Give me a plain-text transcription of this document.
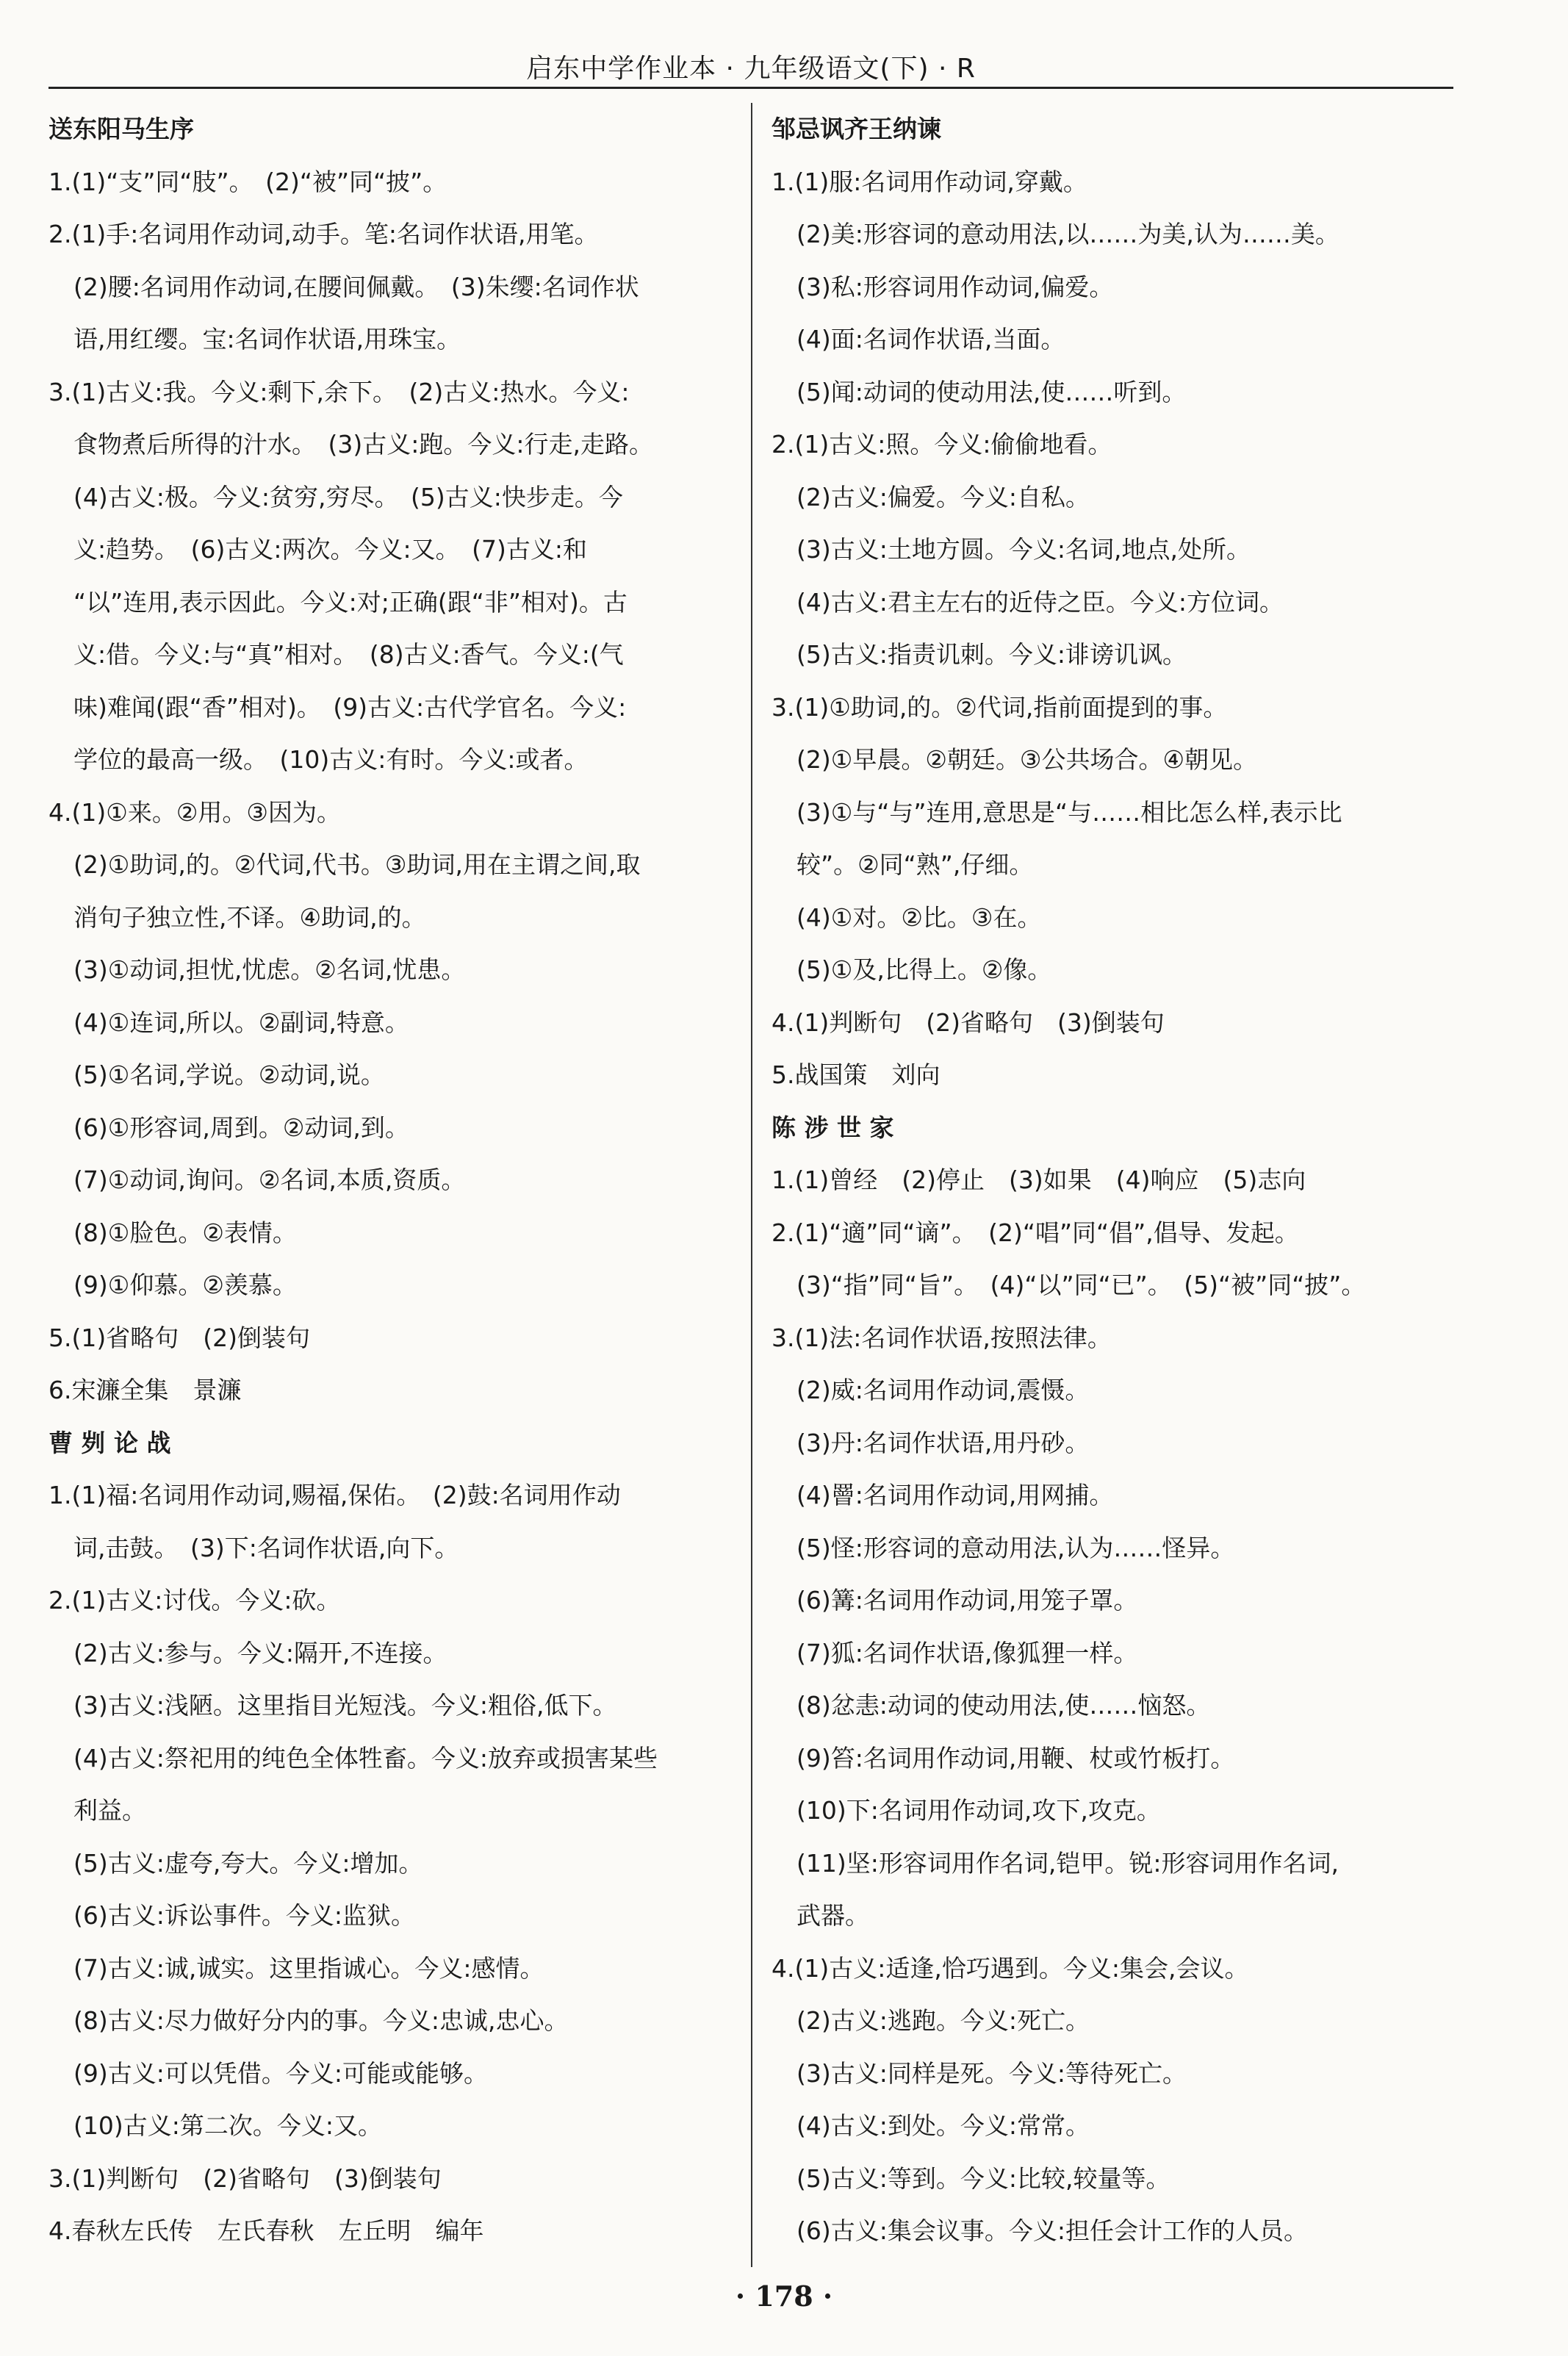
启东中学作业本 · 九年级语文(下) · R

送东阳马生序

1.(1)“支”同“肢”。　(2)“被”同“披”。

2.(1)手:名词用作动词,动手。笔:名词作状语,用笔。

(2)腰:名词用作动词,在腰间佩戴。　(3)朱缨:名词作状

语,用红缨。宝:名词作状语,用珠宝。

3.(1)古义:我。今义:剩下,余下。　(2)古义:热水。今义:

食物煮后所得的汁水。　(3)古义:跑。今义:行走,走路。

(4)古义:极。今义:贫穷,穷尽。　(5)古义:快步走。今

义:趋势。　(6)古义:两次。今义:又。　(7)古义:和

“以”连用,表示因此。今义:对;正确(跟“非”相对)。古

义:借。今义:与“真”相对。　(8)古义:香气。今义:(气

味)难闻(跟“香”相对)。　(9)古义:古代学官名。今义:

学位的最高一级。　(10)古义:有时。今义:或者。

4.(1)①来。②用。③因为。

(2)①助词,的。②代词,代书。③助词,用在主谓之间,取

消句子独立性,不译。④助词,的。

(3)①动词,担忧,忧虑。②名词,忧患。

(4)①连词,所以。②副词,特意。

(5)①名词,学说。②动词,说。

(6)①形容词,周到。②动词,到。

(7)①动词,询问。②名词,本质,资质。

(8)①脸色。②表情。

(9)①仰慕。②羡慕。

5.(1)省略句　(2)倒装句

6.宋濂全集　景濂

曹 刿 论 战

1.(1)福:名词用作动词,赐福,保佑。　(2)鼓:名词用作动

词,击鼓。　(3)下:名词作状语,向下。

2.(1)古义:讨伐。今义:砍。

(2)古义:参与。今义:隔开,不连接。

(3)古义:浅陋。这里指目光短浅。今义:粗俗,低下。

(4)古义:祭祀用的纯色全体牲畜。今义:放弃或损害某些

利益。

(5)古义:虚夸,夸大。今义:增加。

(6)古义:诉讼事件。今义:监狱。

(7)古义:诚,诚实。这里指诚心。今义:感情。

(8)古义:尽力做好分内的事。今义:忠诚,忠心。

(9)古义:可以凭借。今义:可能或能够。

(10)古义:第二次。今义:又。

3.(1)判断句　(2)省略句　(3)倒装句

4.春秋左氏传　左氏春秋　左丘明　编年

邹忌讽齐王纳谏

1.(1)服:名词用作动词,穿戴。

(2)美:形容词的意动用法,以……为美,认为……美。

(3)私:形容词用作动词,偏爱。

(4)面:名词作状语,当面。

(5)闻:动词的使动用法,使……听到。

2.(1)古义:照。今义:偷偷地看。

(2)古义:偏爱。今义:自私。

(3)古义:土地方圆。今义:名词,地点,处所。

(4)古义:君主左右的近侍之臣。今义:方位词。

(5)古义:指责讥刺。今义:诽谤讥讽。

3.(1)①助词,的。②代词,指前面提到的事。

(2)①早晨。②朝廷。③公共场合。④朝见。

(3)①与“与”连用,意思是“与……相比怎么样,表示比

较”。②同“熟”,仔细。

(4)①对。②比。③在。

(5)①及,比得上。②像。

4.(1)判断句　(2)省略句　(3)倒装句

5.战国策　刘向

陈 涉 世 家

1.(1)曾经　(2)停止　(3)如果　(4)响应　(5)志向

2.(1)“適”同“谪”。　(2)“唱”同“倡”,倡导、发起。

(3)“指”同“旨”。　(4)“以”同“已”。　(5)“被”同“披”。

3.(1)法:名词作状语,按照法律。

(2)威:名词用作动词,震慑。

(3)丹:名词作状语,用丹砂。

(4)罾:名词用作动词,用网捕。

(5)怪:形容词的意动用法,认为……怪异。

(6)篝:名词用作动词,用笼子罩。

(7)狐:名词作状语,像狐狸一样。

(8)忿恚:动词的使动用法,使……恼怒。

(9)笞:名词用作动词,用鞭、杖或竹板打。

(10)下:名词用作动词,攻下,攻克。

(11)坚:形容词用作名词,铠甲。锐:形容词用作名词,

武器。

4.(1)古义:适逢,恰巧遇到。今义:集会,会议。

(2)古义:逃跑。今义:死亡。

(3)古义:同样是死。今义:等待死亡。

(4)古义:到处。今义:常常。

(5)古义:等到。今义:比较,较量等。

(6)古义:集会议事。今义:担任会计工作的人员。

· 178 ·
